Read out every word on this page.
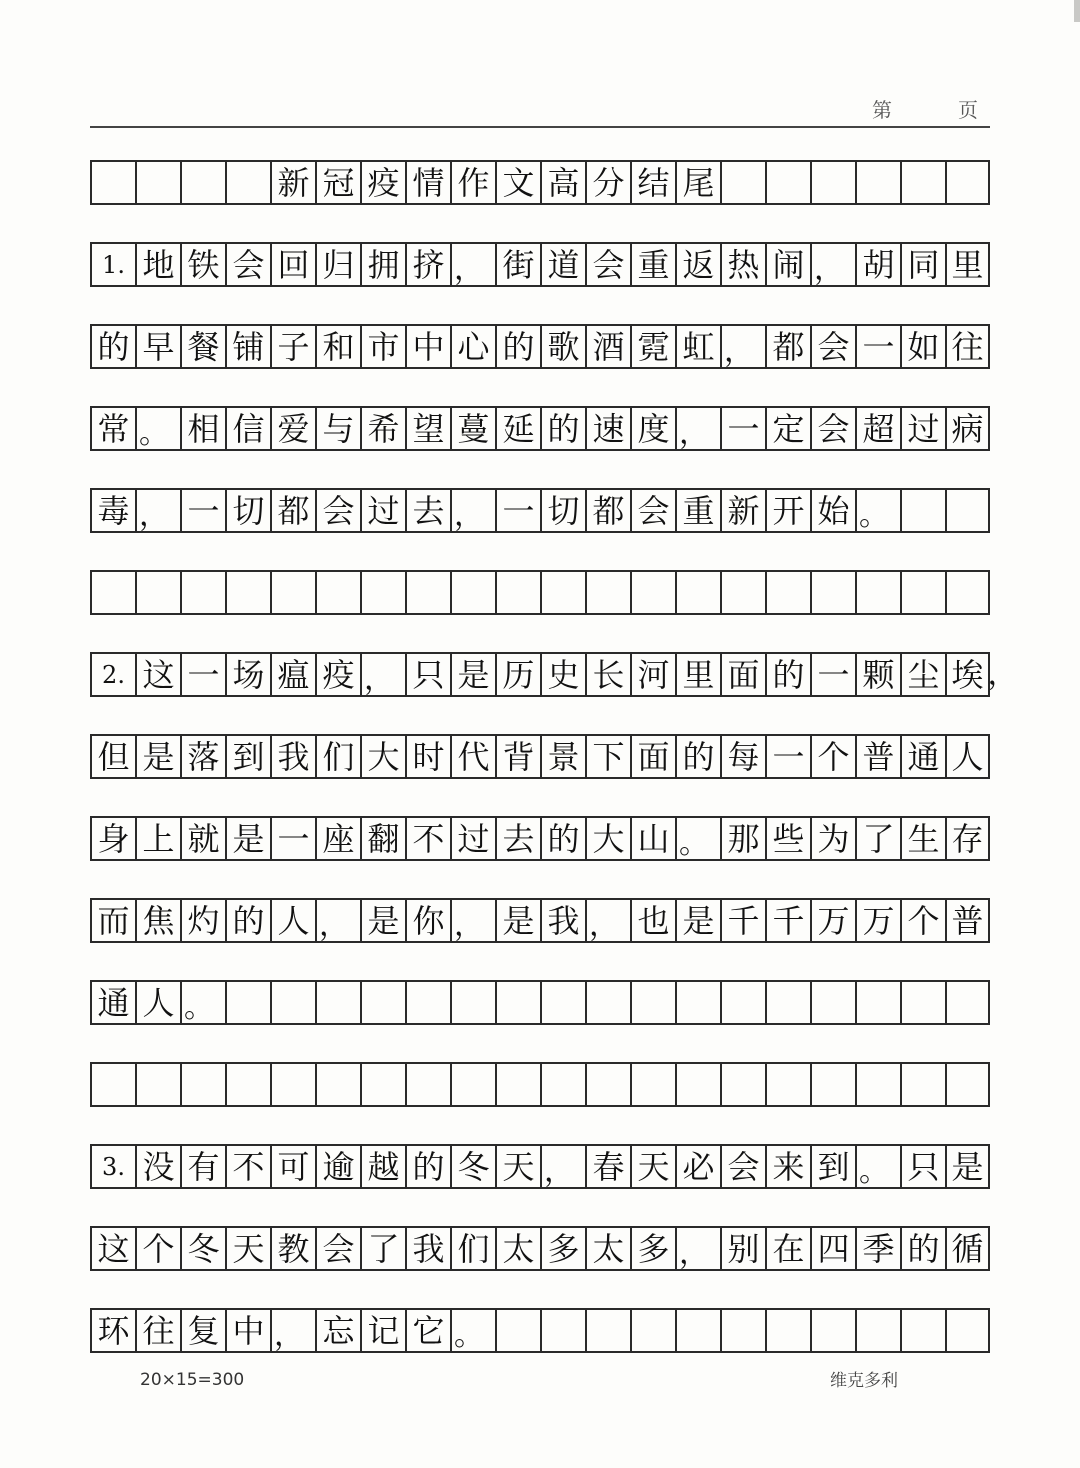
第	页
新 冠 疫 情 作 文 高 分 结 尾
1. 地 铁 会 回 归 拥 挤 ， 街 道 会 重 返 热 闹 ， 胡 同 里
的 早 餐 铺 子 和 市 中 心 的 歌 酒 霓 虹 ， 都 会 一 如 往
常 。 相 信 爱 与 希 望 蔓 延 的 速 度 ， 一 定 会 超 过 病
毒 ， 一 切 都 会 过 去 ， 一 切 都 会 重 新 开 始 。
2. 这 一 场 瘟 疫 ， 只 是 历 史 长 河 里 面 的 一 颗 尘 埃 ，
但 是 落 到 我 们 大 时 代 背 景 下 面 的 每 一 个 普 通 人
身 上 就 是 一 座 翻 不 过 去 的 大 山 。 那 些 为 了 生 存
而 焦 灼 的 人 ， 是 你 ， 是 我 ， 也 是 千 千 万 万 个 普
通 人 。
3. 没 有 不 可 逾 越 的 冬 天 ， 春 天 必 会 来 到 。 只 是
这 个 冬 天 教 会 了 我 们 太 多 太 多 ， 别 在 四 季 的 循
环 往 复 中 ， 忘 记 它 。
20×15=300	维克多利
